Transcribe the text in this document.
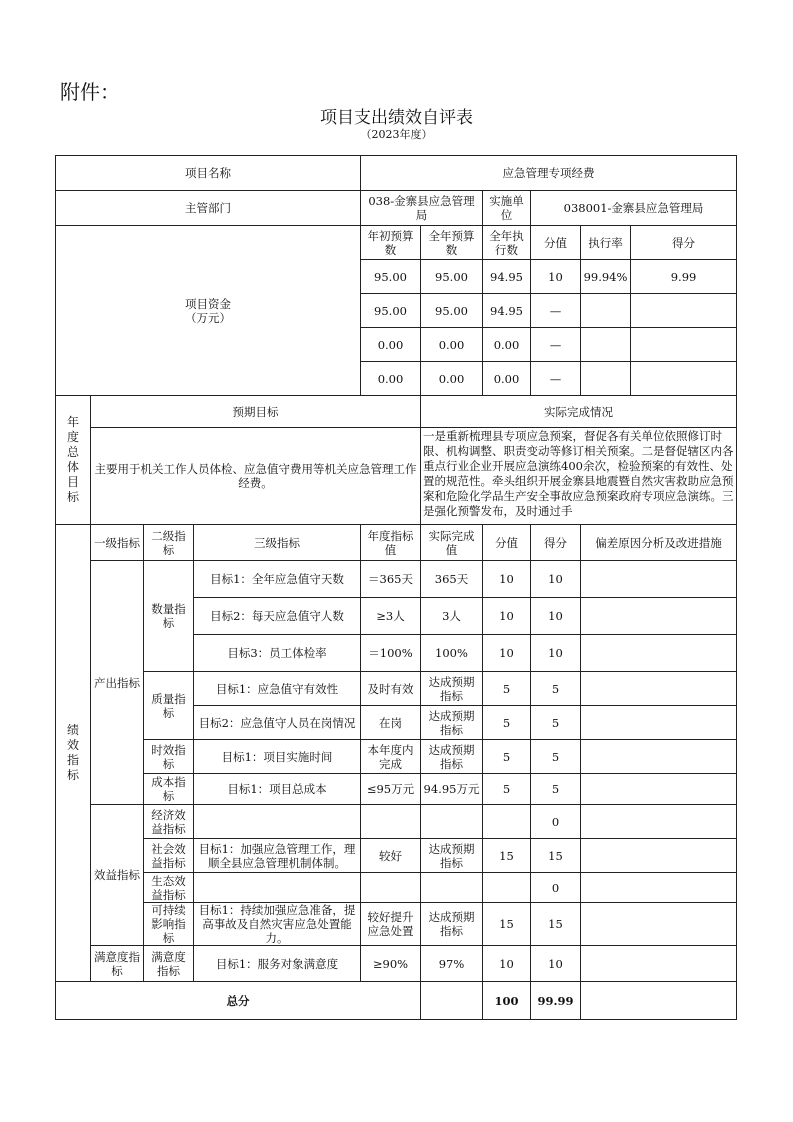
附件：
项目支出绩效自评表
（2023年度）
项目名称				应急管理专项经费					
主管部门				038-金寨县应急管理局		实施单位	038001-金寨县应急管理局		
项目资金
（万元）				年初预算数	全年预算数	全年执行数	分值	执行率	得分
				95.00	95.00	94.95	10	99.94%	9.99
				95.00	95.00	94.95	—		
				0.00	0.00	0.00	—		
				0.00	0.00	0.00	—		
年度总体目标	预期目标				实际完成情况				
	主要用于机关工作人员体检、应急值守费用等机关应急管理工作经费。				一是重新梳理县专项应急预案，督促各有关单位依照修订时限、机构调整、职责变动等修订相关预案。二是督促辖区内各重点行业企业开展应急演练400余次，检验预案的有效性、处置的规范性。牵头组织开展金寨县地震暨自然灾害救助应急预案和危险化学品生产安全事故应急预案政府专项应急演练。三是强化预警发布，及时通过手				

绩效指标	一级指标	二级指标	三级指标	年度指标值	实际完成值	分值	得分	偏差原因分析及改进措施	
	产出指标	数量指标	目标1：全年应急值守天数	＝365天	365天	10	10		
			目标2：每天应急值守人数	≥3人	3人	10	10		
			目标3：员工体检率	＝100%	100%	10	10		
		质量指标	目标1：应急值守有效性	及时有效	达成预期指标	5	5		
			目标2：应急值守人员在岗情况	在岗	达成预期指标	5	5		
		时效指标	目标1：项目实施时间	本年度内完成	达成预期指标	5	5		
		成本指标	目标1：项目总成本	≤95万元	94.95万元	5	5		
	效益指标	经济效益指标					0		
		社会效益指标	目标1：加强应急管理工作，理顺全县应急管理机制体制。	较好	达成预期指标	15	15		
		生态效益指标					0		
		可持续影响指标	目标1：持续加强应急准备，提高事故及自然灾害应急处置能力。	较好提升应急处置	达成预期指标	15	15		
	满意度指标	满意度指标	目标1：服务对象满意度	≥90%	97%	10	10		
总分						100	99.99		
